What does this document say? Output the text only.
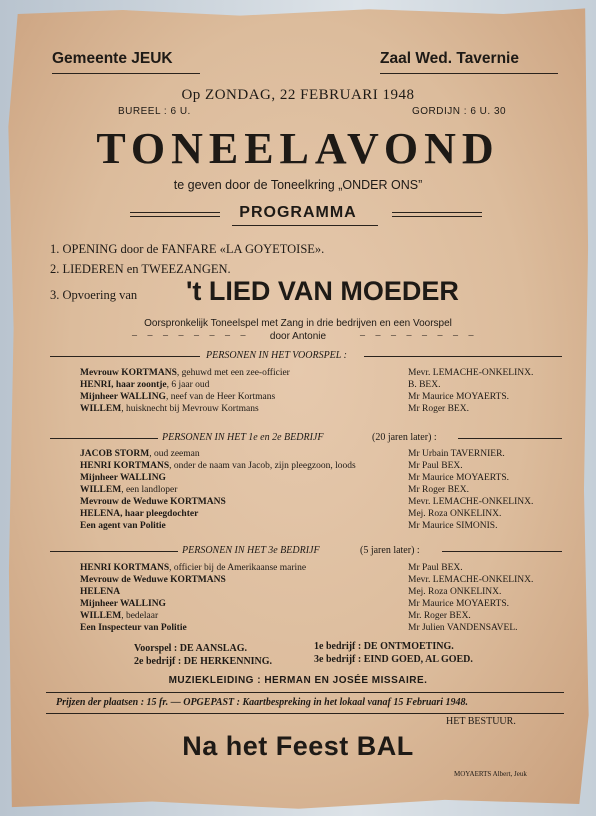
Gemeente JEUK	Zaal Wed. Tavernie
Op ZONDAG, 22 FEBRUARI 1948
BUREEL : 6 U.	GORDIJN : 6 U. 30
TONEELAVOND
te geven door de Toneelkring „ONDER ONS”
PROGRAMMA
1. OPENING door de FANFARE «LA GOYETOISE».
2. LIEDEREN en TWEEZANGEN.
3. Opvoering van 't LIED VAN MOEDER
Oorspronkelijk Toneelspel met Zang in drie bedrijven en een Voorspel
– – – – – – – –	door Antonie	– – – – – – – –
PERSONEN IN HET VOORSPEL :
Mevrouw KORTMANS, gehuwd met een zee-officier	Mevr. LEMACHE-ONKELINX.
HENRI, haar zoontje, 6 jaar oud	B. BEX.
Mijnheer WALLING, neef van de Heer Kortmans	Mr Maurice MOYAERTS.
WILLEM, huisknecht bij Mevrouw Kortmans	Mr Roger BEX.
PERSONEN IN HET 1e en 2e BEDRIJF	(20 jaren later) :
JACOB STORM, oud zeeman	Mr Urbain TAVERNIER.
HENRI KORTMANS, onder de naam van Jacob, zijn pleegzoon, loods	Mr Paul BEX.
Mijnheer WALLING	Mr Maurice MOYAERTS.
WILLEM, een landloper	Mr Roger BEX.
Mevrouw de Weduwe KORTMANS	Mevr. LEMACHE-ONKELINX.
HELENA, haar pleegdochter	Mej. Roza ONKELINX.
Een agent van Politie	Mr Maurice SIMONIS.
PERSONEN IN HET 3e BEDRIJF	(5 jaren later) :
HENRI KORTMANS, officier bij de Amerikaanse marine	Mr Paul BEX.
Mevrouw de Weduwe KORTMANS	Mevr. LEMACHE-ONKELINX.
HELENA	Mej. Roza ONKELINX.
Mijnheer WALLING	Mr Maurice MOYAERTS.
WILLEM, bedelaar	Mr. Roger BEX.
Een Inspecteur van Politie	Mr Julien VANDENSAVEL.
Voorspel : DE AANSLAG.	1e bedrijf : DE ONTMOETING.
2e bedrijf : DE HERKENNING.	3e bedrijf : EIND GOED, AL GOED.
MUZIEKLEIDING : HERMAN EN JOSÉE MISSAIRE.
Prijzen der plaatsen : 15 fr. — OPGEPAST : Kaartbespreking in het lokaal vanaf 15 Februari 1948.
HET BESTUUR.
Na het Feest BAL
MOYAERTS Albert, Jeuk
